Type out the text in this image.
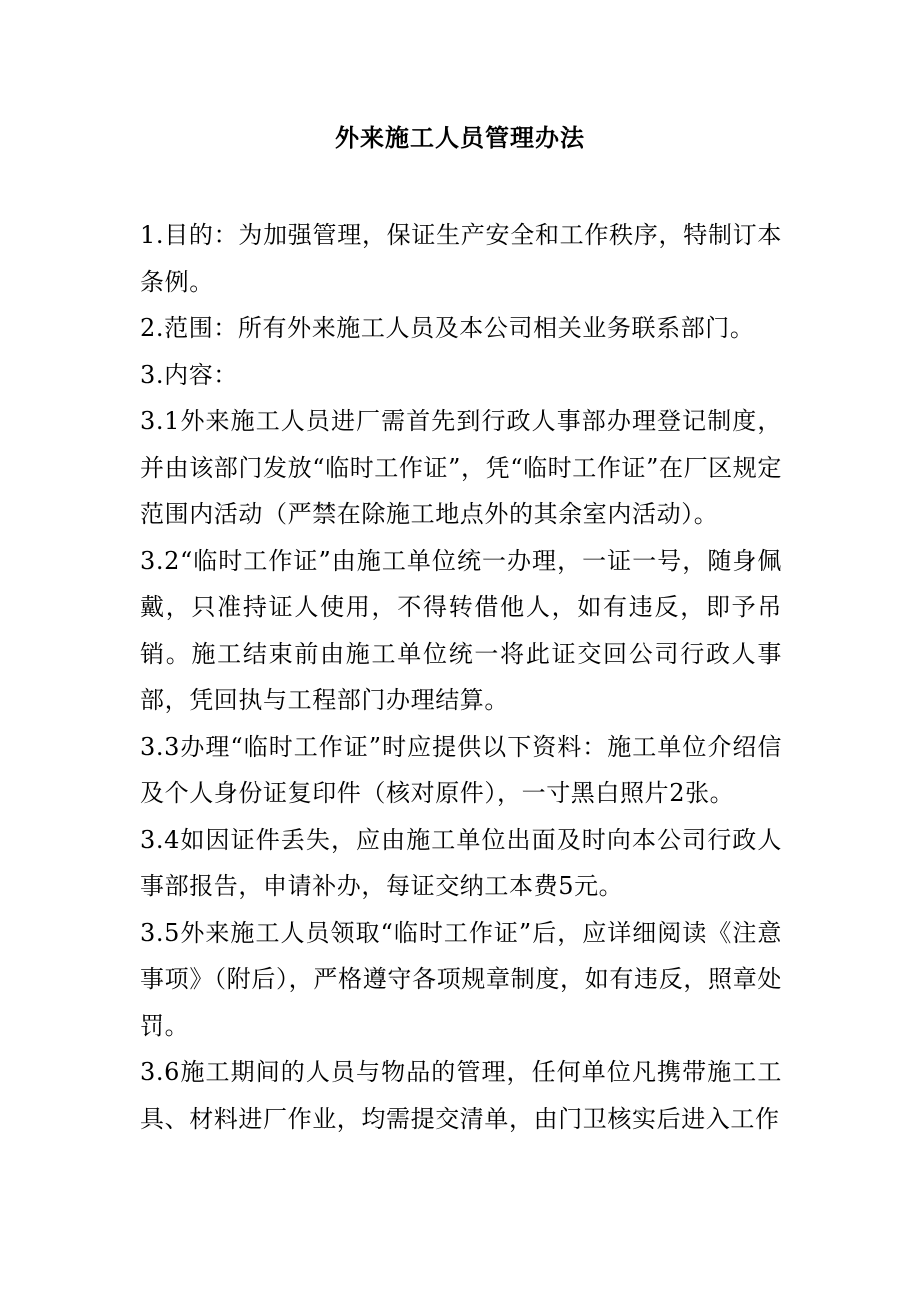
外来施工人员管理办法

1.目的：为加强管理，保证生产安全和工作秩序，特制订本条例。

2.范围：所有外来施工人员及本公司相关业务联系部门。

3.内容：

3.1外来施工人员进厂需首先到行政人事部办理登记制度，并由该部门发放“临时工作证”，凭“临时工作证”在厂区规定范围内活动（严禁在除施工地点外的其余室内活动）。

3.2“临时工作证”由施工单位统一办理，一证一号，随身佩戴，只准持证人使用，不得转借他人，如有违反，即予吊销。施工结束前由施工单位统一将此证交回公司行政人事部，凭回执与工程部门办理结算。

3.3办理“临时工作证”时应提供以下资料：施工单位介绍信及个人身份证复印件（核对原件），一寸黑白照片2张。

3.4如因证件丢失，应由施工单位出面及时向本公司行政人事部报告，申请补办，每证交纳工本费5元。

3.5外来施工人员领取“临时工作证”后，应详细阅读《注意事项》（附后），严格遵守各项规章制度，如有违反，照章处罚。

3.6施工期间的人员与物品的管理，任何单位凡携带施工工具、材料进厂作业，均需提交清单，由门卫核实后进入工作
